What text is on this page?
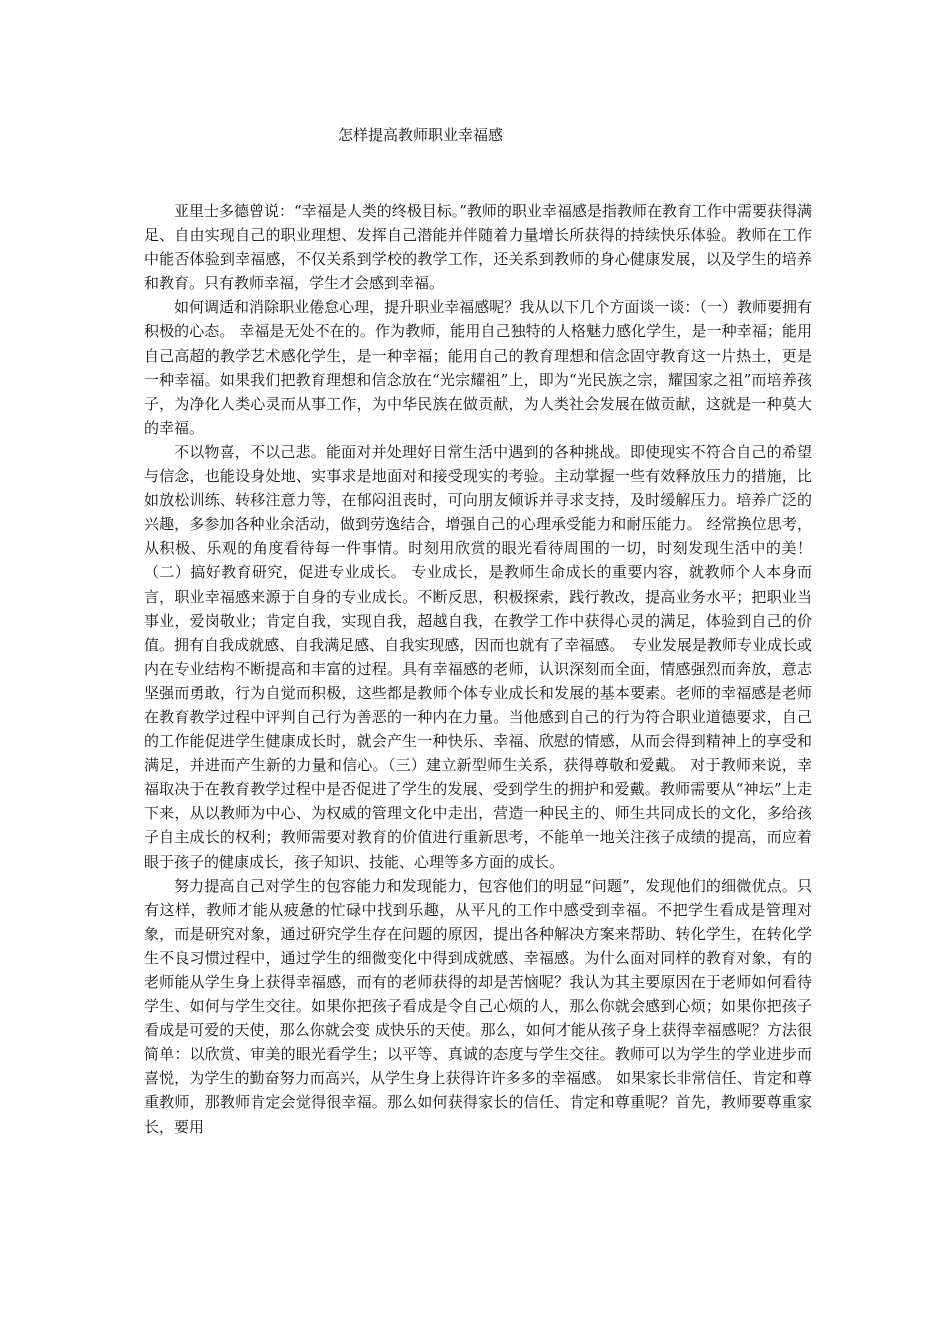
怎样提高教师职业幸福感

亚里士多德曾说：“幸福是人类的终极目标。”教师的职业幸福感是指教师在教育工作中需要获得满足、自由实现自己的职业理想、发挥自己潜能并伴随着力量增长所获得的持续快乐体验。教师在工作中能否体验到幸福感，不仅关系到学校的教学工作，还关系到教师的身心健康发展，以及学生的培养和教育。只有教师幸福，学生才会感到幸福。

如何调适和消除职业倦怠心理，提升职业幸福感呢？我从以下几个方面谈一谈：（一）教师要拥有积极的心态。 幸福是无处不在的。作为教师，能用自己独特的人格魅力感化学生，是一种幸福；能用自己高超的教学艺术感化学生，是一种幸福；能用自己的教育理想和信念固守教育这一片热土，更是一种幸福。如果我们把教育理想和信念放在“光宗耀祖”上，即为“光民族之宗，耀国家之祖”而培养孩子，为净化人类心灵而从事工作，为中华民族在做贡献，为人类社会发展在做贡献，这就是一种莫大的幸福。

不以物喜，不以己悲。能面对并处理好日常生活中遇到的各种挑战。即使现实不符合自己的希望与信念，也能设身处地、实事求是地面对和接受现实的考验。主动掌握一些有效释放压力的措施，比如放松训练、转移注意力等，在郁闷沮丧时，可向朋友倾诉并寻求支持，及时缓解压力。培养广泛的兴趣，多参加各种业余活动，做到劳逸结合，增强自己的心理承受能力和耐压能力。 经常换位思考，从积极、乐观的角度看待每一件事情。时刻用欣赏的眼光看待周围的一切，时刻发现生活中的美！ （二）搞好教育研究，促进专业成长。 专业成长，是教师生命成长的重要内容，就教师个人本身而言，职业幸福感来源于自身的专业成长。不断反思，积极探索，践行教改，提高业务水平；把职业当事业，爱岗敬业；肯定自我，实现自我，超越自我，在教学工作中获得心灵的满足，体验到自己的价值。拥有自我成就感、自我满足感、自我实现感，因而也就有了幸福感。　专业发展是教师专业成长或内在专业结构不断提高和丰富的过程。具有幸福感的老师，认识深刻而全面，情感强烈而奔放，意志坚强而勇敢，行为自觉而积极，这些都是教师个体专业成长和发展的基本要素。老师的幸福感是老师在教育教学过程中评判自己行为善恶的一种内在力量。当他感到自己的行为符合职业道德要求，自己的工作能促进学生健康成长时，就会产生一种快乐、幸福、欣慰的情感，从而会得到精神上的享受和满足，并进而产生新的力量和信心。（三）建立新型师生关系，获得尊敬和爱戴。 对于教师来说，幸福取决于在教育教学过程中是否促进了学生的发展、受到学生的拥护和爱戴。教师需要从“神坛”上走下来，从以教师为中心、为权威的管理文化中走出，营造一种民主的、师生共同成长的文化，多给孩子自主成长的权利；教师需要对教育的价值进行重新思考，不能单一地关注孩子成绩的提高，而应着眼于孩子的健康成长，孩子知识、技能、心理等多方面的成长。

努力提高自己对学生的包容能力和发现能力，包容他们的明显“问题”，发现他们的细微优点。只有这样，教师才能从疲惫的忙碌中找到乐趣，从平凡的工作中感受到幸福。不把学生看成是管理对象，而是研究对象，通过研究学生存在问题的原因，提出各种解决方案来帮助、转化学生，在转化学生不良习惯过程中，通过学生的细微变化中得到成就感、幸福感。为什么面对同样的教育对象，有的老师能从学生身上获得幸福感，而有的老师获得的却是苦恼呢？我认为其主要原因在于老师如何看待学生、如何与学生交往。如果你把孩子看成是令自己心烦的人，那么你就会感到心烦；如果你把孩子看成是可爱的天使，那么你就会变 成快乐的天使。那么，如何才能从孩子身上获得幸福感呢？方法很简单：以欣赏、审美的眼光看学生；以平等、真诚的态度与学生交往。教师可以为学生的学业进步而喜悦，为学生的勤奋努力而高兴，从学生身上获得许许多多的幸福感。 如果家长非常信任、肯定和尊重教师，那教师肯定会觉得很幸福。那么如何获得家长的信任、肯定和尊重呢？首先，教师要尊重家长，要用
